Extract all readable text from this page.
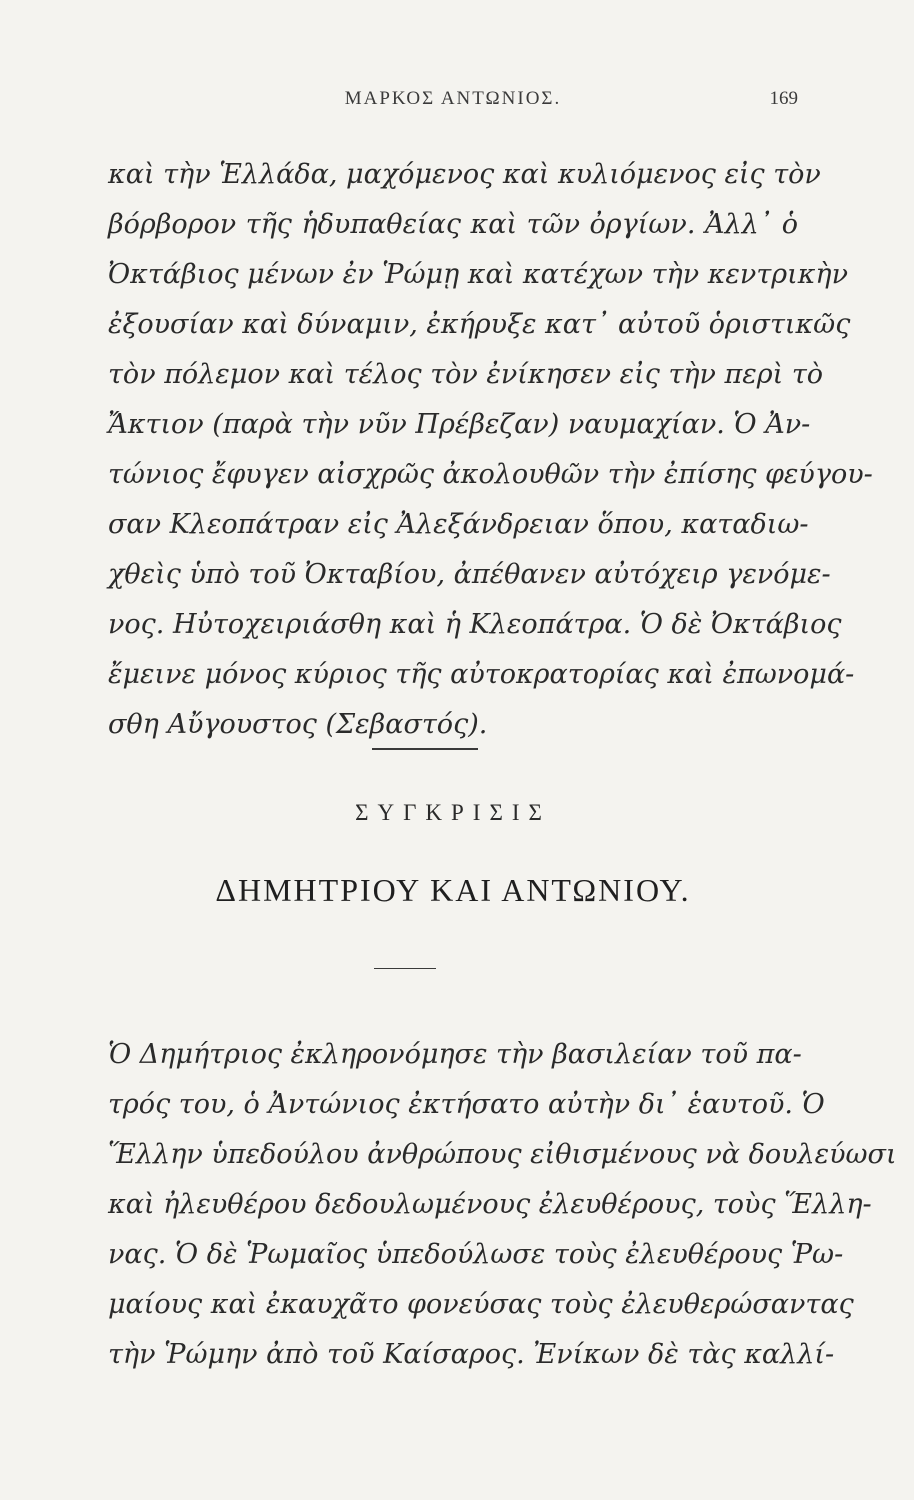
ΜΑΡΚΟΣ ΑΝΤΩΝΙΟΣ.	169
καὶ τὴν Ἑλλάδα, μαχόμενος καὶ κυλιόμενος εἰς τὸν
βόρβορον τῆς ἡδυπαθείας καὶ τῶν ὀργίων. Ἀλλ᾽ ὁ
Ὀκτάβιος μένων ἐν Ῥώμῃ καὶ κατέχων τὴν κεντρικὴν
ἐξουσίαν καὶ δύναμιν, ἐκήρυξε κατ᾽ αὐτοῦ ὁριστικῶς
τὸν πόλεμον καὶ τέλος τὸν ἐνίκησεν εἰς τὴν περὶ τὸ
Ἄκτιον (παρὰ τὴν νῦν Πρέβεζαν) ναυμαχίαν. Ὁ Ἀν-
τώνιος ἔφυγεν αἰσχρῶς ἀκολουθῶν τὴν ἐπίσης φεύγου-
σαν Κλεοπάτραν εἰς Ἀλεξάνδρειαν ὅπου, καταδιω-
χθεὶς ὑπὸ τοῦ Ὀκταβίου, ἀπέθανεν αὐτόχειρ γενόμε-
νος. Ηὐτοχειριάσθη καὶ ἡ Κλεοπάτρα. Ὁ δὲ Ὀκτάβιος
ἔμεινε μόνος κύριος τῆς αὐτοκρατορίας καὶ ἐπωνομά-
σθη Αὔγουστος (Σεβαστός).
ΣΥΓΚΡΙΣΙΣ
ΔΗΜΗΤΡΙΟΥ ΚΑΙ ΑΝΤΩΝΙΟΥ.
Ὁ Δημήτριος ἐκληρονόμησε τὴν βασιλείαν τοῦ πα-
τρός του, ὁ Ἀντώνιος ἐκτήσατο αὐτὴν δι᾽ ἑαυτοῦ. Ὁ
Ἕλλην ὑπεδούλου ἀνθρώπους εἰθισμένους νὰ δουλεύωσι
καὶ ἠλευθέρου δεδουλωμένους ἐλευθέρους, τοὺς Ἕλλη-
νας. Ὁ δὲ Ῥωμαῖος ὑπεδούλωσε τοὺς ἐλευθέρους Ῥω-
μαίους καὶ ἐκαυχᾶτο φονεύσας τοὺς ἐλευθερώσαντας
τὴν Ῥώμην ἀπὸ τοῦ Καίσαρος. Ἐνίκων δὲ τὰς καλλί-
